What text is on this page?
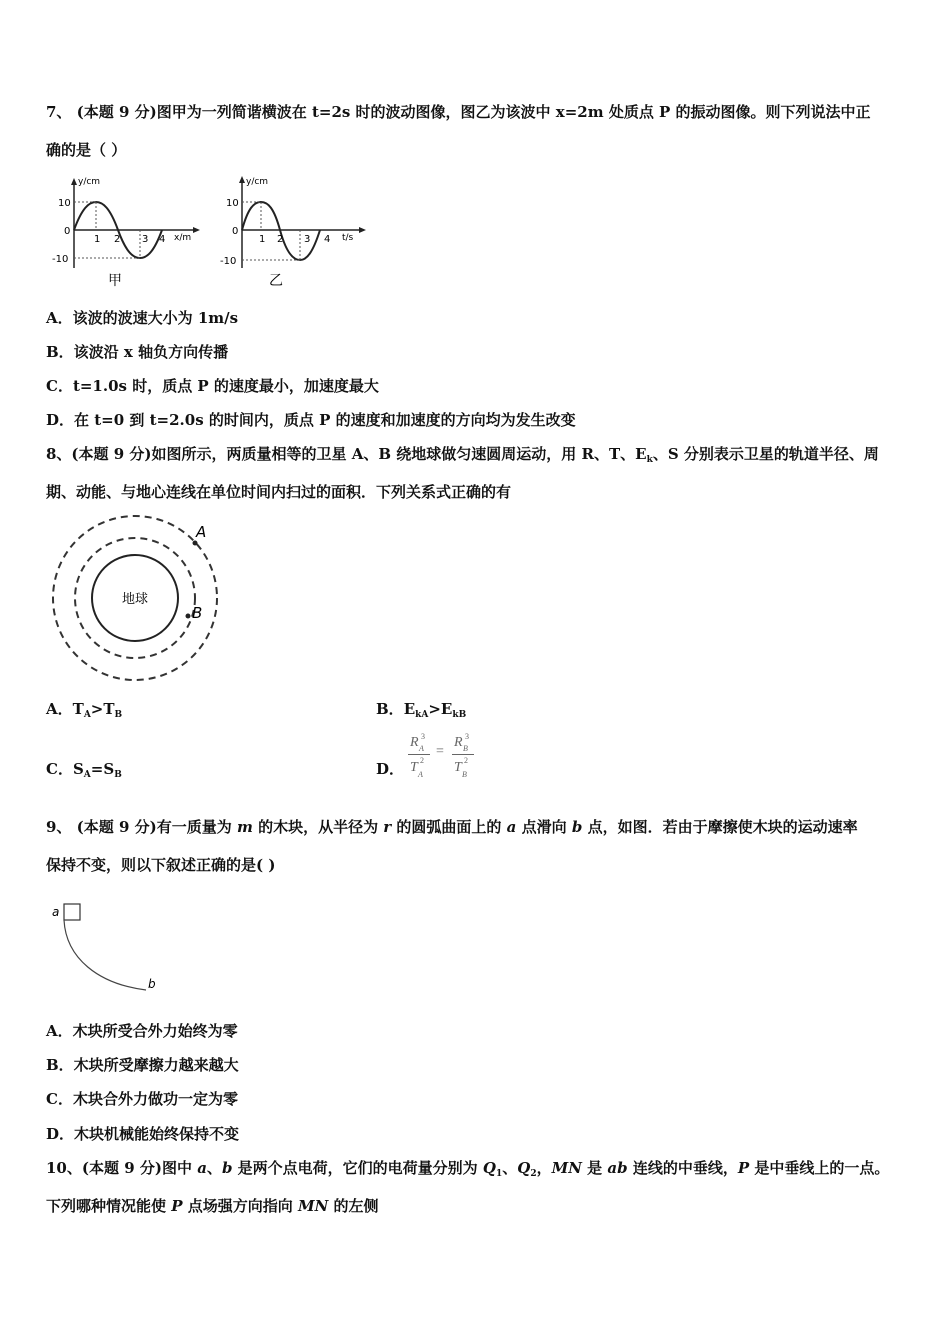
7、 (本题 9 分)图甲为一列简谐横波在 t=2s 时的波动图像，图乙为该波中 x=2m 处质点 P 的振动图像。则下列说法中正
确的是（ ）
y/cm
x/m
10
0
-10
1 2 3 4
甲
y/cm
t/s
10
0
-10
1 2 3 4
乙
A．该波的波速大小为 1m/s
B．该波沿 x 轴负方向传播
C．t=1.0s 时，质点 P 的速度最小，加速度最大
D．在 t=0 到 t=2.0s 的时间内，质点 P 的速度和加速度的方向均为发生改变
8、(本题 9 分)如图所示，两质量相等的卫星 A、B 绕地球做匀速圆周运动，用 R、T、$E_k$、S 分别表示卫星的轨道半径、周
期、动能、与地心连线在单位时间内扫过的面积．下列关系式正确的有
地球
A
B
A．$T_A>T_B$	B．$E_{kA}>E_{kB}$
C．$S_A=S_B$	D．
R A
3
T A
2
=
R B
3
T B
2
9、 (本题 9 分)有一质量为 m 的木块，从半径为 r 的圆弧曲面上的 a 点滑向 b 点，如图．若由于摩擦使木块的运动速率
保持不变，则以下叙述正确的是( )
a
b
A．木块所受合外力始终为零
B．木块所受摩擦力越来越大
C．木块合外力做功一定为零
D．木块机械能始终保持不变
10、(本题 9 分)图中 a、b 是两个点电荷，它们的电荷量分别为 $Q_1$、$Q_2$，MN 是 ab 连线的中垂线，P 是中垂线上的一点。
下列哪种情况能使 P 点场强方向指向 MN 的左侧
